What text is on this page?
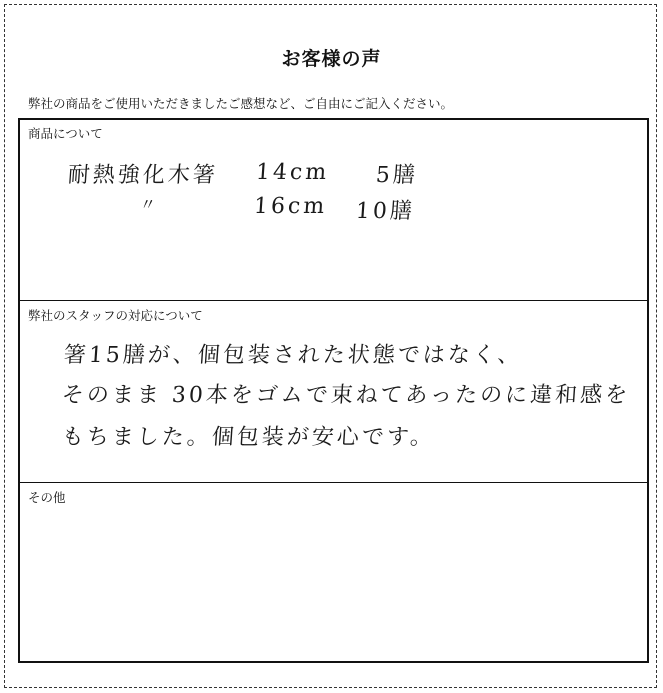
お客様の声
弊社の商品をご使用いただきましたご感想など、ご自由にご記入ください。
商品について
耐熱強化木箸 14cm 5膳
〃	16cm 10膳
弊社のスタッフの対応について
箸15膳が、個包装された状態ではなく、
そのまま 30本をゴムで束ねてあったのに違和感を
もちました。個包装が安心です。
その他
